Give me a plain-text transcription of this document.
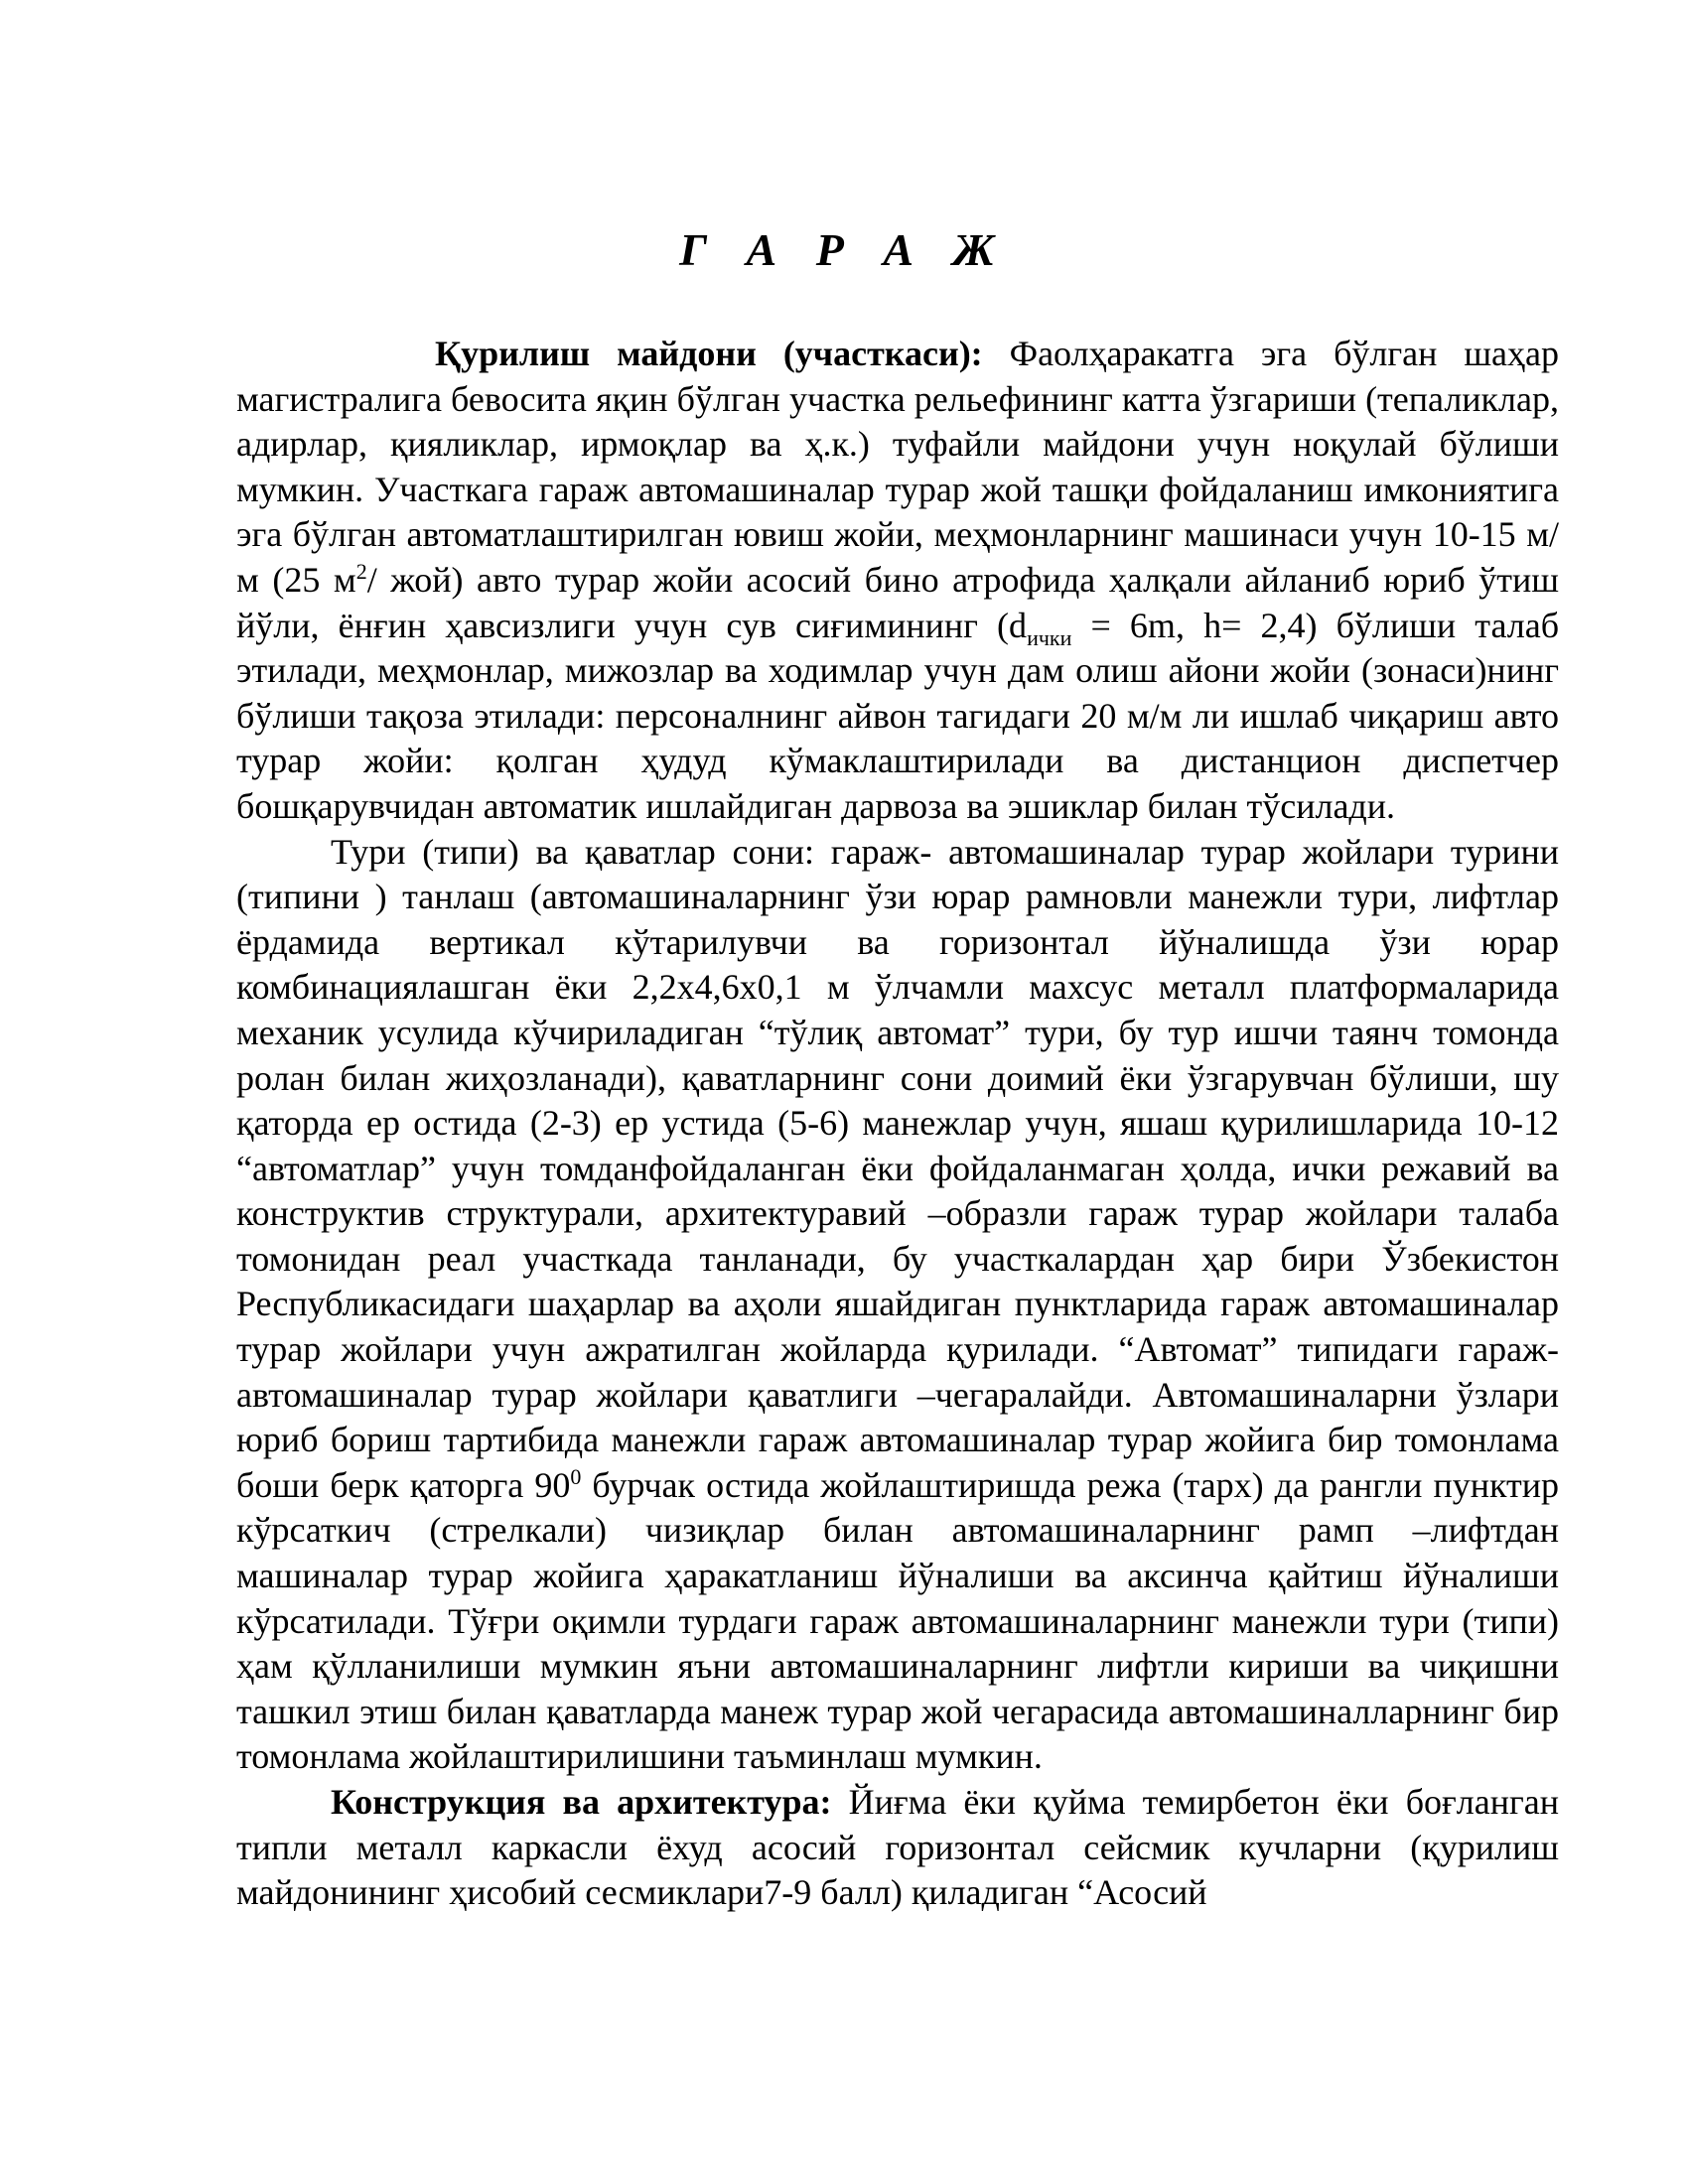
Г А Р А Ж

Қурилиш майдони (участкаси): Фаолҳаракатга эга бўлган шаҳар магистралига бевосита яқин бўлган участка рельефининг катта ўзгариши (тепаликлар, адирлар, қияликлар, ирмоқлар ва ҳ.к.) туфайли майдони учун ноқулай бўлиши мумкин. Участкага гараж автомашиналар турар жой ташқи фойдаланиш имкониятига эга бўлган автоматлаштирилган ювиш жойи, меҳмонларнинг машинаси учун 10-15 м/м (25 $м^2/$ жой) авто турар жойи асосий бино атрофида ҳалқали айланиб юриб ўтиш йўли, ёнғин ҳавсизлиги учун сув сиғимининг ($d_{ички} = 6m$, h= 2,4) бўлиши талаб этилади, меҳмонлар, мижозлар ва ходимлар учун дам олиш айони жойи (зонаси)нинг бўлиши тақоза этилади: персоналнинг айвон тагидаги 20 м/м ли ишлаб чиқариш авто турар жойи: қолган ҳудуд кўмаклаштирилади ва дистанцион диспетчер бошқарувчидан автоматик ишлайдиган дарвоза ва эшиклар билан тўсилади.

Тури (типи) ва қаватлар сони: гараж- автомашиналар турар жойлари турини (типини ) танлаш (автомашиналарнинг ўзи юрар рамновли манежли тури, лифтлар ёрдамида вертикал кўтарилувчи ва горизонтал йўналишда ўзи юрар комбинациялашган ёки 2,2х4,6х0,1 м ўлчамли махсус металл платформаларида механик усулида кўчириладиган “тўлиқ автомат” тури, бу тур ишчи таянч томонда ролан билан жиҳозланади), қаватларнинг сони доимий ёки ўзгарувчан бўлиши, шу қаторда ер остида (2-3) ер устида (5-6) манежлар учун, яшаш қурилишларида 10-12 “автоматлар” учун томданфойдаланган ёки фойдаланмаган ҳолда, ички режавий ва конструктив структурали, архитектуравий –образли гараж турар жойлари талаба томонидан реал участкада танланади, бу участкалардан ҳар бири Ўзбекистон Республикасидаги шаҳарлар ва аҳоли яшайдиган пунктларида гараж автомашиналар турар жойлари учун ажратилган жойларда қурилади. “Автомат” типидаги гараж-автомашиналар турар жойлари қаватлиги –чегаралайди. Автомашиналарни ўзлари юриб бориш тартибида манежли гараж автомашиналар турар жойига бир томонлама боши берк қаторга $90^0$ бурчак остида жойлаштиришда режа (тарх) да рангли пунктир кўрсаткич (стрелкали) чизиқлар билан автомашиналарнинг рамп –лифтдан машиналар турар жойига ҳаракатланиш йўналиши ва аксинча қайтиш йўналиши кўрсатилади. Тўғри оқимли турдаги гараж автомашиналарнинг манежли тури (типи) ҳам қўлланилиши мумкин яъни автомашиналарнинг лифтли кириши ва чиқишни ташкил этиш билан қаватларда манеж турар жой чегарасида автомашиналларнинг бир томонлама жойлаштирилишини таъминлаш мумкин.

Конструкция ва архитектура: Йиғма ёки қуйма темирбетон ёки боғланган типли металл каркасли ёхуд асосий горизонтал сейсмик кучларни (қурилиш майдонининг ҳисобий сесмиклари7-9 балл) қиладиган “Асосий
